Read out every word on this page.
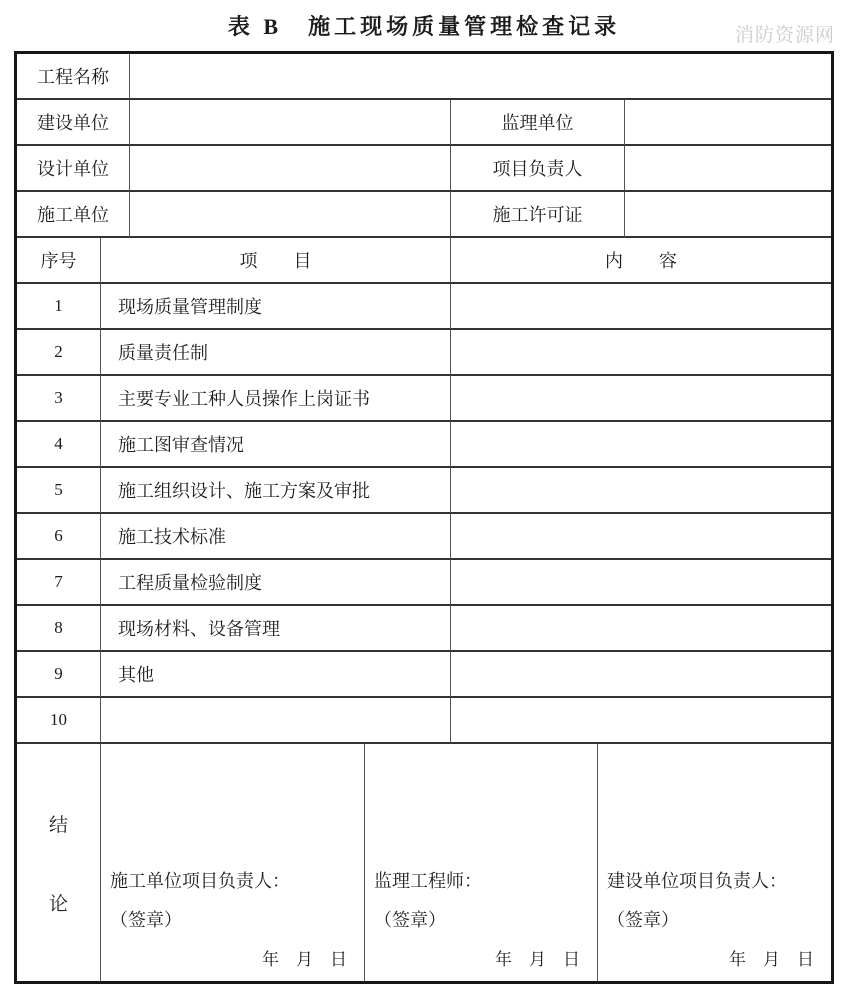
表 B　施工现场质量管理检查记录	消防资源网
工程名称
建设单位	监理单位
设计单位	项目负责人
施工单位	施工许可证
序号	项　　目	内　　容
1	现场质量管理制度
2	质量责任制
3	主要专业工种人员操作上岗证书
4	施工图审查情况
5	施工组织设计、施工方案及审批
6	施工技术标准
7	工程质量检验制度
8	现场材料、设备管理
9	其他
10
结
论
施工单位项目负责人：
（签章）
年　月　日
监理工程师：
（签章）
年　月　日
建设单位项目负责人：
（签章）
年　月　日
